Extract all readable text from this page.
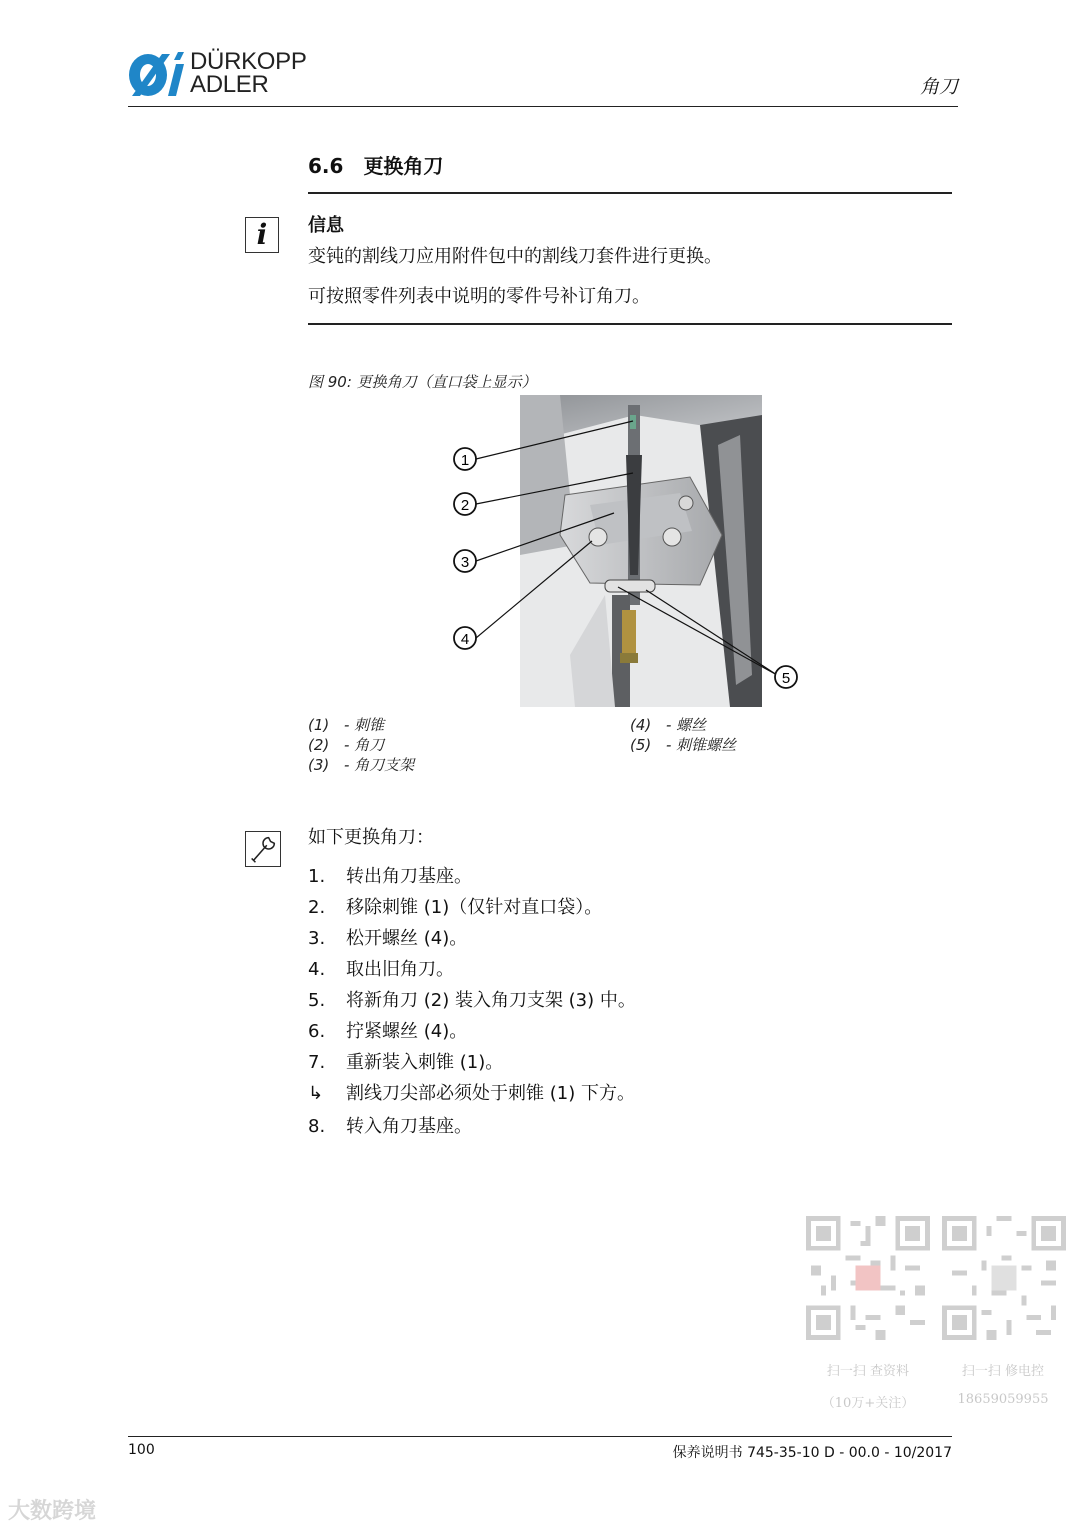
DÜRKOPP
ADLER	角刀
6.6 更换角刀
i	信息
变钝的割线刀应用附件包中的割线刀套件进行更换。
可按照零件列表中说明的零件号补订角刀。
图 90: 更换角刀（直口袋上显示）
1
2
3
4
5
(1) - 刺锥
(2) - 角刀
(3) - 角刀支架
(4) - 螺丝
(5) - 刺锥螺丝
如下更换角刀：
1. 转出角刀基座。
2. 移除刺锥 (1)（仅针对直口袋）。
3. 松开螺丝 (4)。
4. 取出旧角刀。
5. 将新角刀 (2) 装入角刀支架 (3) 中。
6. 拧紧螺丝 (4)。
7. 重新装入刺锥 (1)。
↳ 割线刀尖部必须处于刺锥 (1) 下方。
8. 转入角刀基座。
扫一扫 查资料
（10万+关注）
扫一扫 修电控
18659059955
100	保养说明书 745-35-10 D - 00.0 - 10/2017
大数跨境
